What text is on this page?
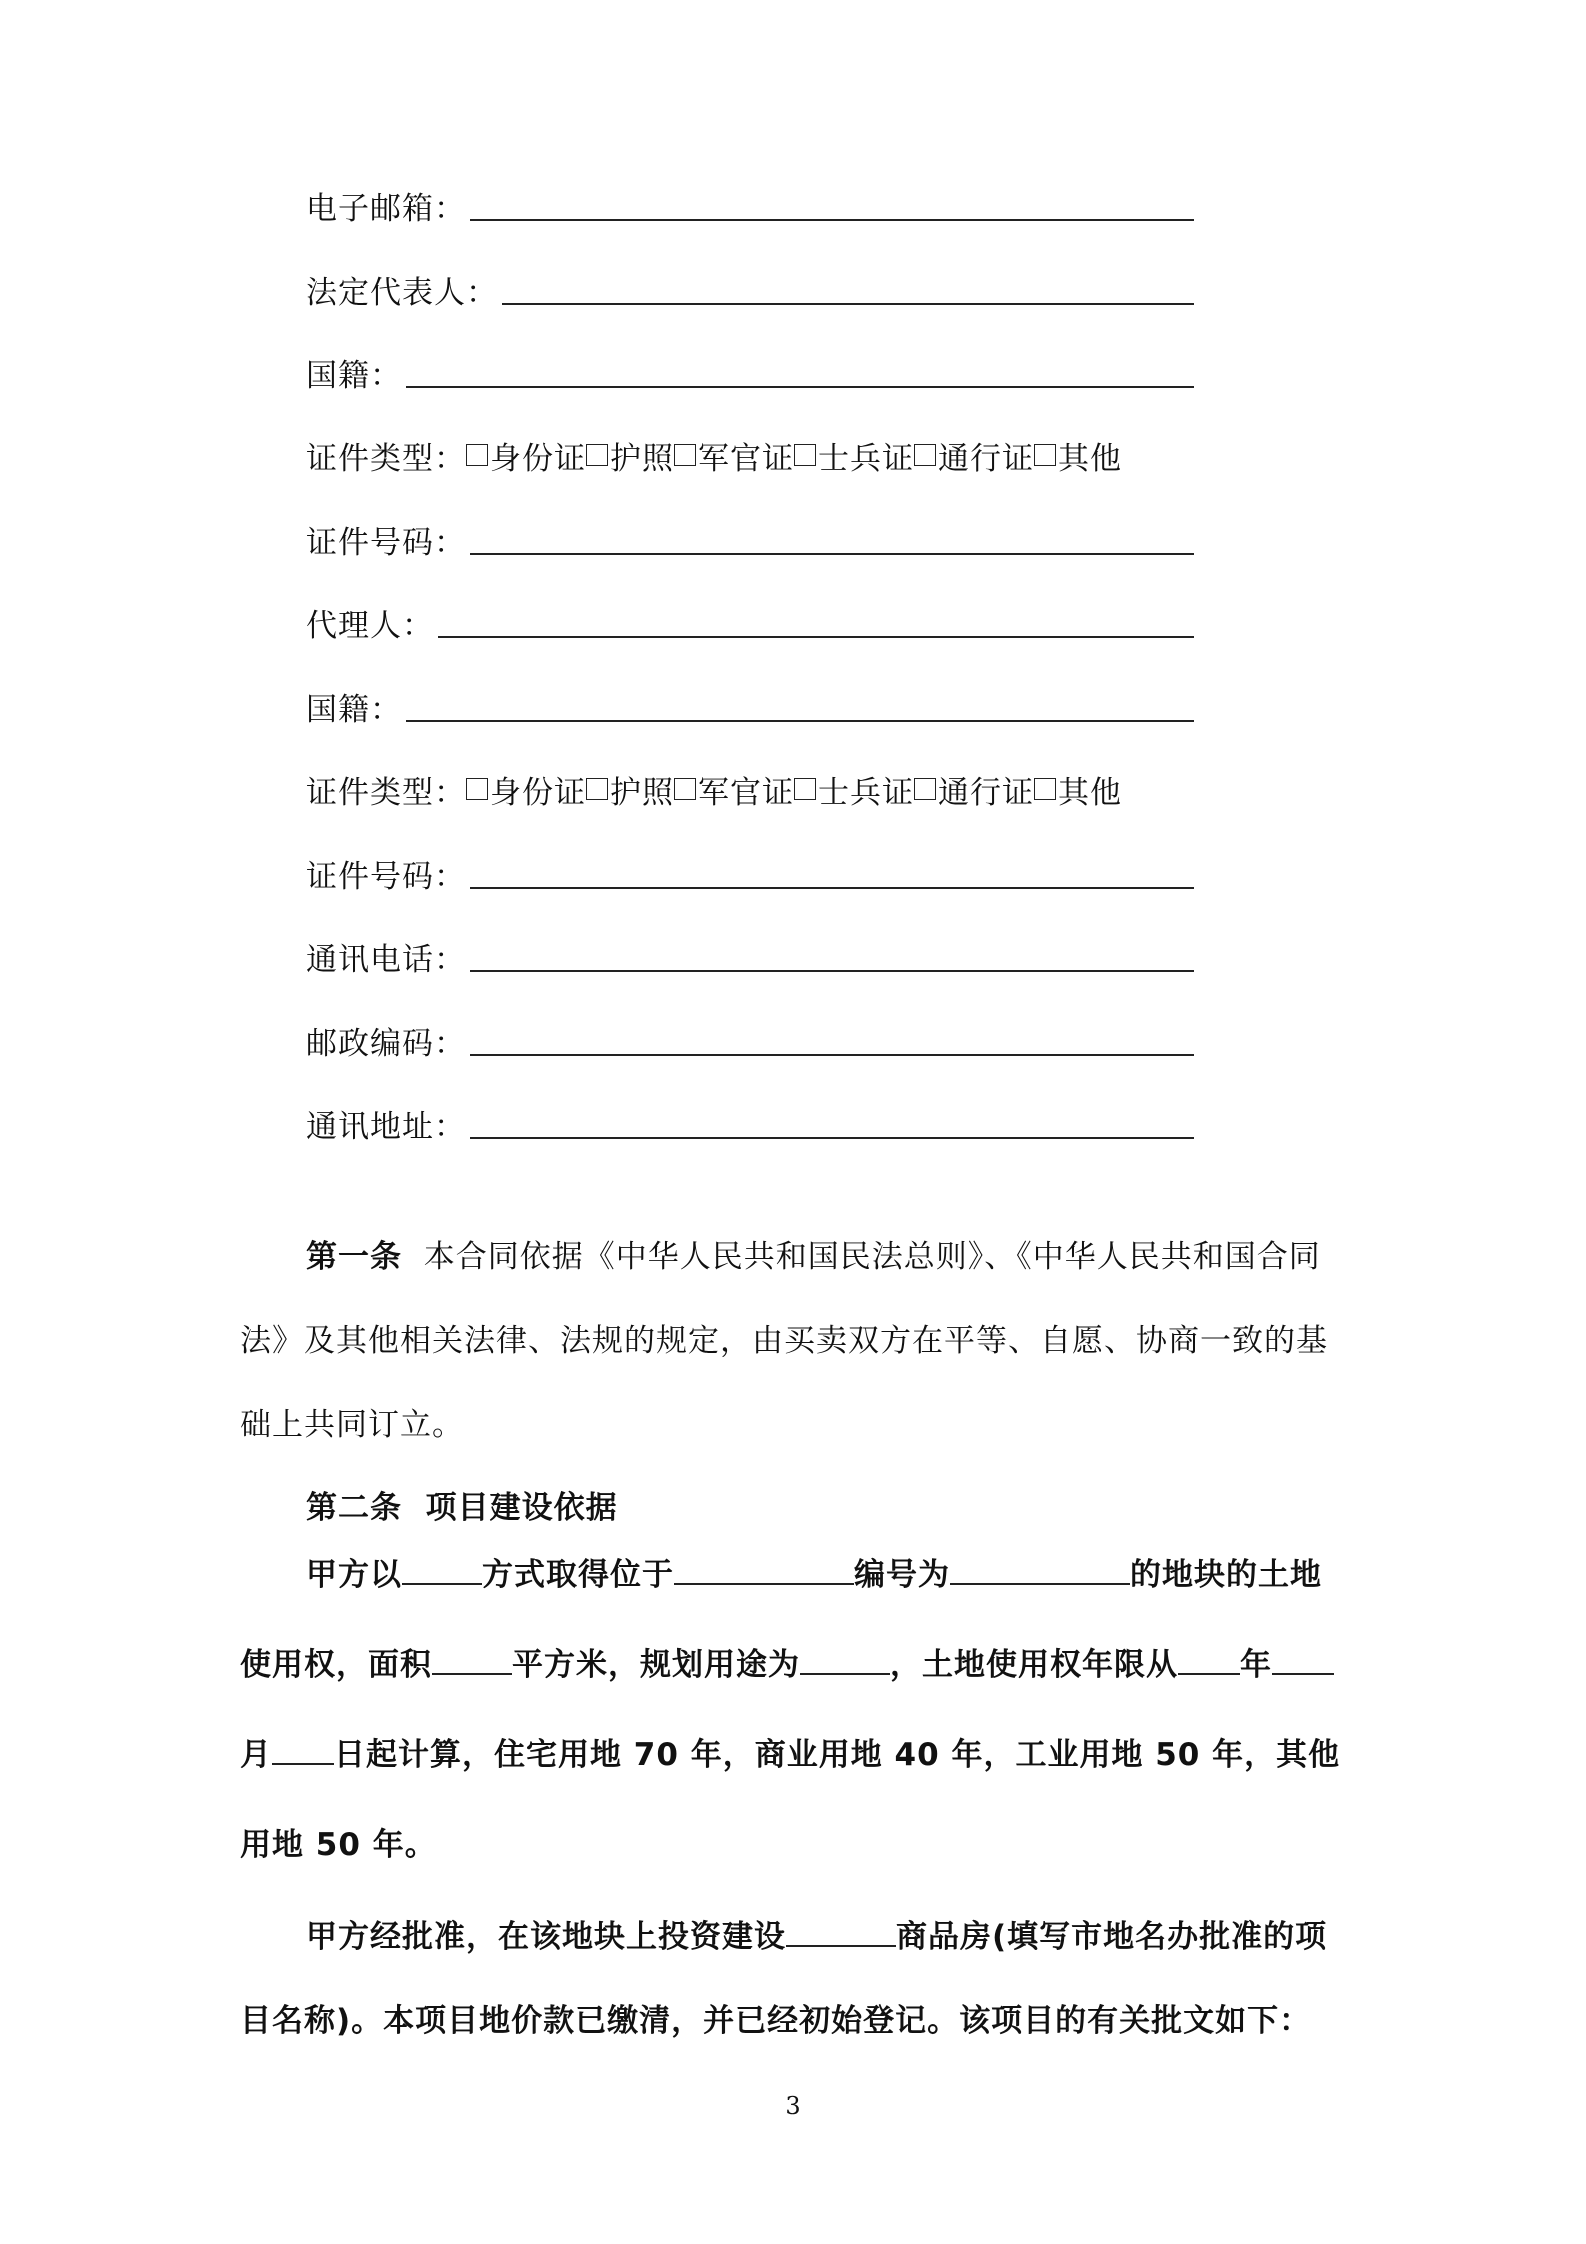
电子邮箱：
法定代表人：
国籍：
证件类型： 身份证 护照 军官证 士兵证 通行证 其他
证件号码：
代理人：
国籍：
证件类型： 身份证 护照 军官证 士兵证 通行证 其他
证件号码：
通讯电话：
邮政编码：
通讯地址：
第一条 本合同依据《中华人民共和国民法总则》、《中华人民共和国合同法》及其他相关法律、法规的规定，由买卖双方在平等、自愿、协商一致的基础上共同订立。
第二条 项目建设依据
甲方以	方式取得位于	编号为	的地块的土地使用权，面积	平方米，规划用途为	，土地使用权年限从 年月 日起计算，住宅用地 70 年，商业用地 40 年，工业用地 50 年，其他用地 50 年。
甲方经批准，在该地块上投资建设	商品房(填写市地名办批准的项目名称)。本项目地价款已缴清，并已经初始登记。该项目的有关批文如下：
3
